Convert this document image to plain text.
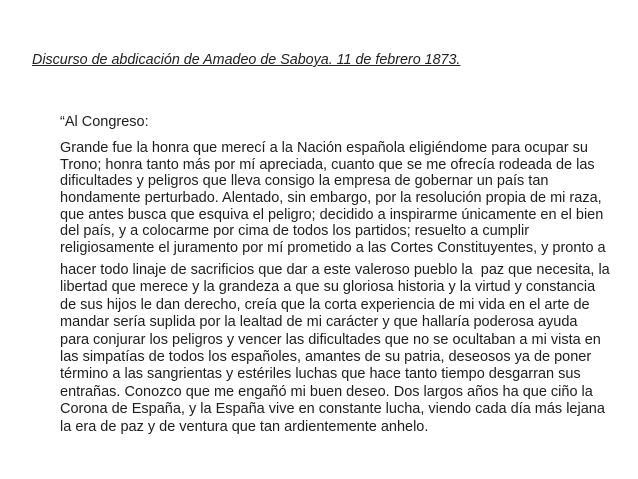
Discurso de abdicación de Amadeo de Saboya. 11 de febrero 1873.
“Al Congreso:
Grande fue la honra que merecí a la Nación española eligiéndome para ocupar su
Trono; honra tanto más por mí apreciada, cuanto que se me ofrecía rodeada de las
dificultades y peligros que lleva consigo la empresa de gobernar un país tan
hondamente perturbado. Alentado, sin embargo, por la resolución propia de mi raza,
que antes busca que esquiva el peligro; decidido a inspirarme únicamente en el bien
del país, y a colocarme por cima de todos los partidos; resuelto a cumplir
religiosamente el juramento por mí prometido a las Cortes Constituyentes, y pronto a
hacer todo linaje de sacrificios que dar a este valeroso pueblo la  paz que necesita, la
libertad que merece y la grandeza a que su gloriosa historia y la virtud y constancia
de sus hijos le dan derecho, creía que la corta experiencia de mi vida en el arte de
mandar sería suplida por la lealtad de mi carácter y que hallaría poderosa ayuda
para conjurar los peligros y vencer las dificultades que no se ocultaban a mi vista en
las simpatías de todos los españoles, amantes de su patria, deseosos ya de poner
término a las sangrientas y estériles luchas que hace tanto tiempo desgarran sus
entrañas. Conozco que me engañó mi buen deseo. Dos largos años ha que ciño la
Corona de España, y la España vive en constante lucha, viendo cada día más lejana
la era de paz y de ventura que tan ardientemente anhelo.
